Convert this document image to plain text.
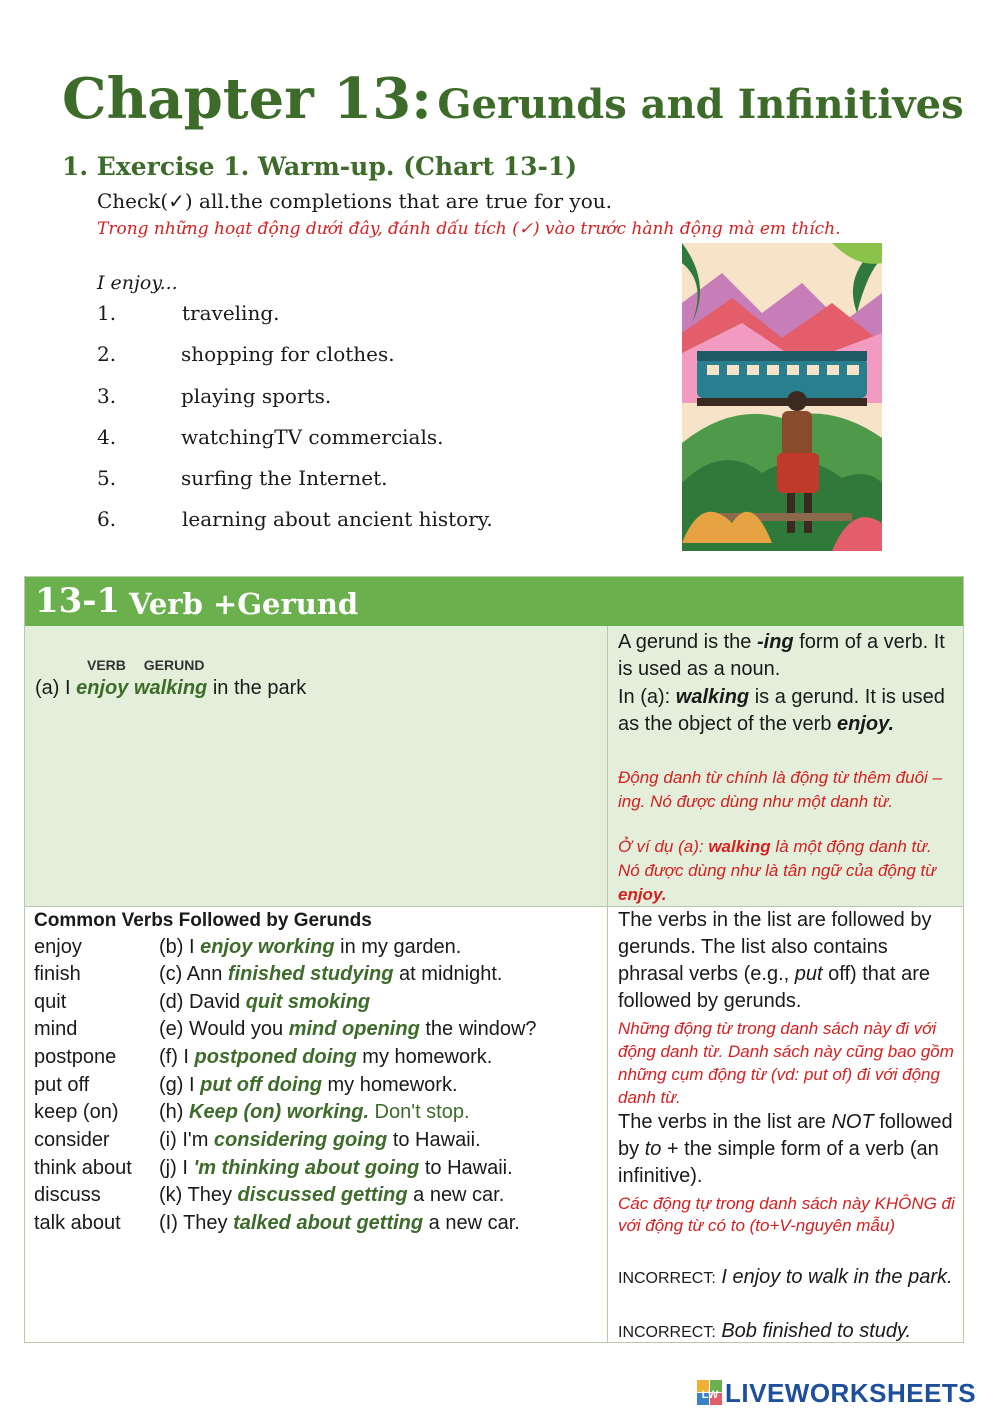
Chapter 13: Gerunds and Infinitives
1. Exercise 1. Warm-up. (Chart 13-1)
Check(✓) all.the completions that are true for you.
Trong những hoạt động dưới đây, đánh dấu tích (✓) vào trước hành động mà em thích.
I enjoy...
1.	traveling.
2.	shopping for clothes.
3.	playing sports.
4.	watchingTV commercials.
5.	surfing the Internet.
6.	learning about ancient history.
13-1 Verb +Gerund
VERB GERUND
(a) I enjoy walking in the park
A gerund is the -ing form of a verb. It is used as a noun.
In (a): walking is a gerund. It is used as the object of the verb enjoy.
Động danh từ chính là động từ thêm đuôi –ing. Nó được dùng như một danh từ.
Ở ví dụ (a): walking là một động danh từ. Nó được dùng như là tân ngữ của động từ enjoy.
Common Verbs Followed by Gerunds
enjoy	(b) I enjoy working in my garden.
finish	(c) Ann finished studying at midnight.
quit	(d) David quit smoking
mind	(e) Would you mind opening the window?
postpone (f) I postponed doing my homework.
put off	(g) I put off doing my homework.
keep (on) (h) Keep (on) working. Don't stop.
consider (i) I'm considering going to Hawaii.
think about (j) I 'm thinking about going to Hawaii.
discuss	(k) They discussed getting a new car.
talk about (I) They talked about getting a new car.
The verbs in the list are followed by gerunds. The list also contains phrasal verbs (e.g., put off) that are followed by gerunds.
Những động từ trong danh sách này đi với động danh từ. Danh sách này cũng bao gồm những cụm động từ (vd: put of) đi với động danh từ.
The verbs in the list are NOT followed by to + the simple form of a verb (an infinitive).
Các động tự trong danh sách này KHÔNG đi với động từ có to (to+V-nguyên mẫu)
INCORRECT: I enjoy to walk in the park.
INCORRECT: Bob finished to study.
LW LIVEWORKSHEETS
